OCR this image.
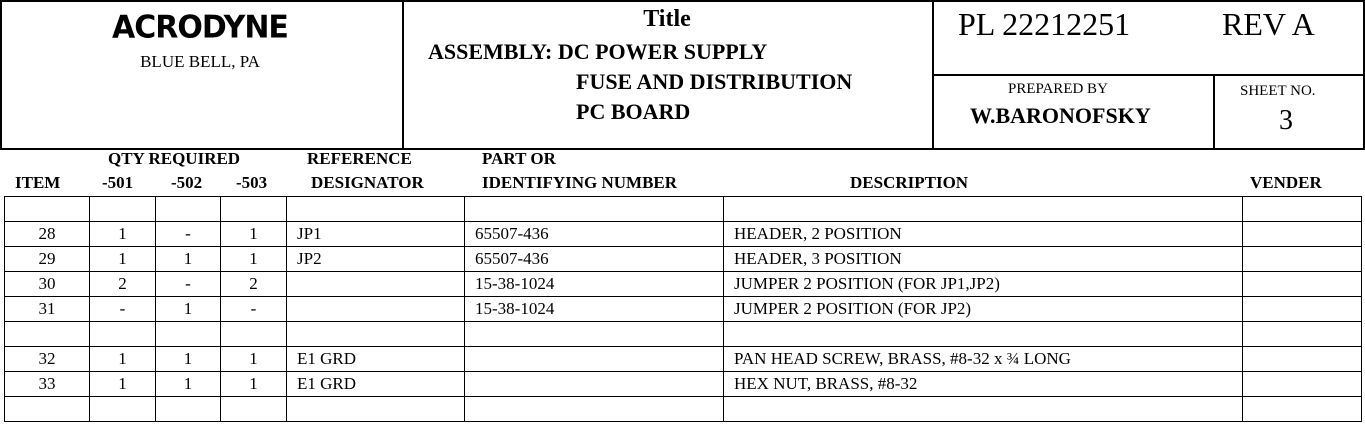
ACRODYNE
BLUE BELL, PA
Title
ASSEMBLY: DC POWER SUPPLY
FUSE AND DISTRIBUTION
PC BOARD
PL 22212251	REV A
PREPARED BY
W.BARONOFSKY
SHEET NO.
3
QTY REQUIRED	REFERENCE	PART OR
ITEM -501 -502 -503	DESIGNATOR	IDENTIFYING NUMBER	DESCRIPTION	VENDER

28	1	-	1	JP1	65507-436	HEADER, 2 POSITION	
29	1	1	1	JP2	65507-436	HEADER, 3 POSITION	
30	2	-	2		15-38-1024	JUMPER 2 POSITION (FOR JP1,JP2)	
31	-	1	-		15-38-1024	JUMPER 2 POSITION (FOR JP2)	

32	1	1	1	E1 GRD		PAN HEAD SCREW, BRASS, #8-32 x ¾ LONG	
33	1	1	1	E1 GRD		HEX NUT, BRASS, #8-32	
